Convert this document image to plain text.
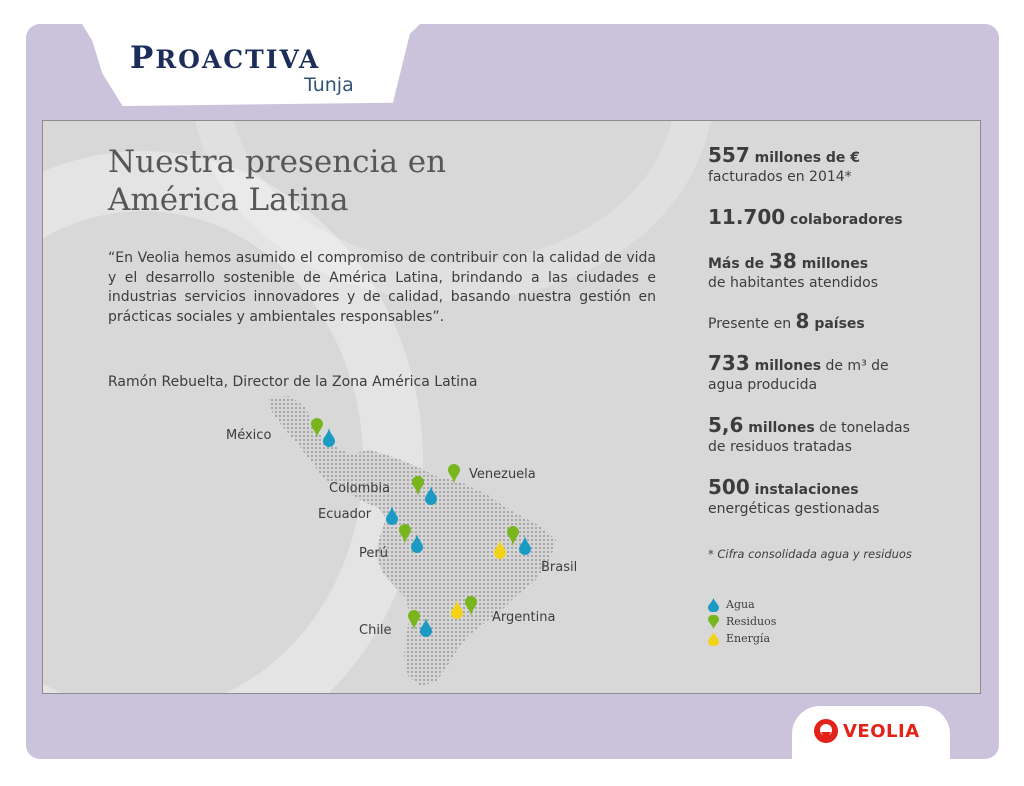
PROACTIVA
Tunja
Nuestra presencia en
América Latina
“En Veolia hemos asumido el compromiso de contribuir con la calidad de vida y el desarrollo sostenible de América Latina, brindando a las ciudades e industrias servicios innovadores y de calidad, basando nuestra gestión en prácticas sociales y ambientales responsables”.
Ramón Rebuelta, Director de la Zona América Latina
557 millones de €
facturados en 2014*
11.700 colaboradores
Más de 38 millones
de habitantes atendidos
Presente en 8 países
733 millones de m³ de
agua producida
5,6 millones de toneladas
de residuos tratadas
500 instalaciones
energéticas gestionadas
* Cifra consolidada agua y residuos
Agua
Residuos
Energía
México
Colombia
Venezuela
Ecuador
Perú
Brasil
Chile
Argentina
VEOLIA
